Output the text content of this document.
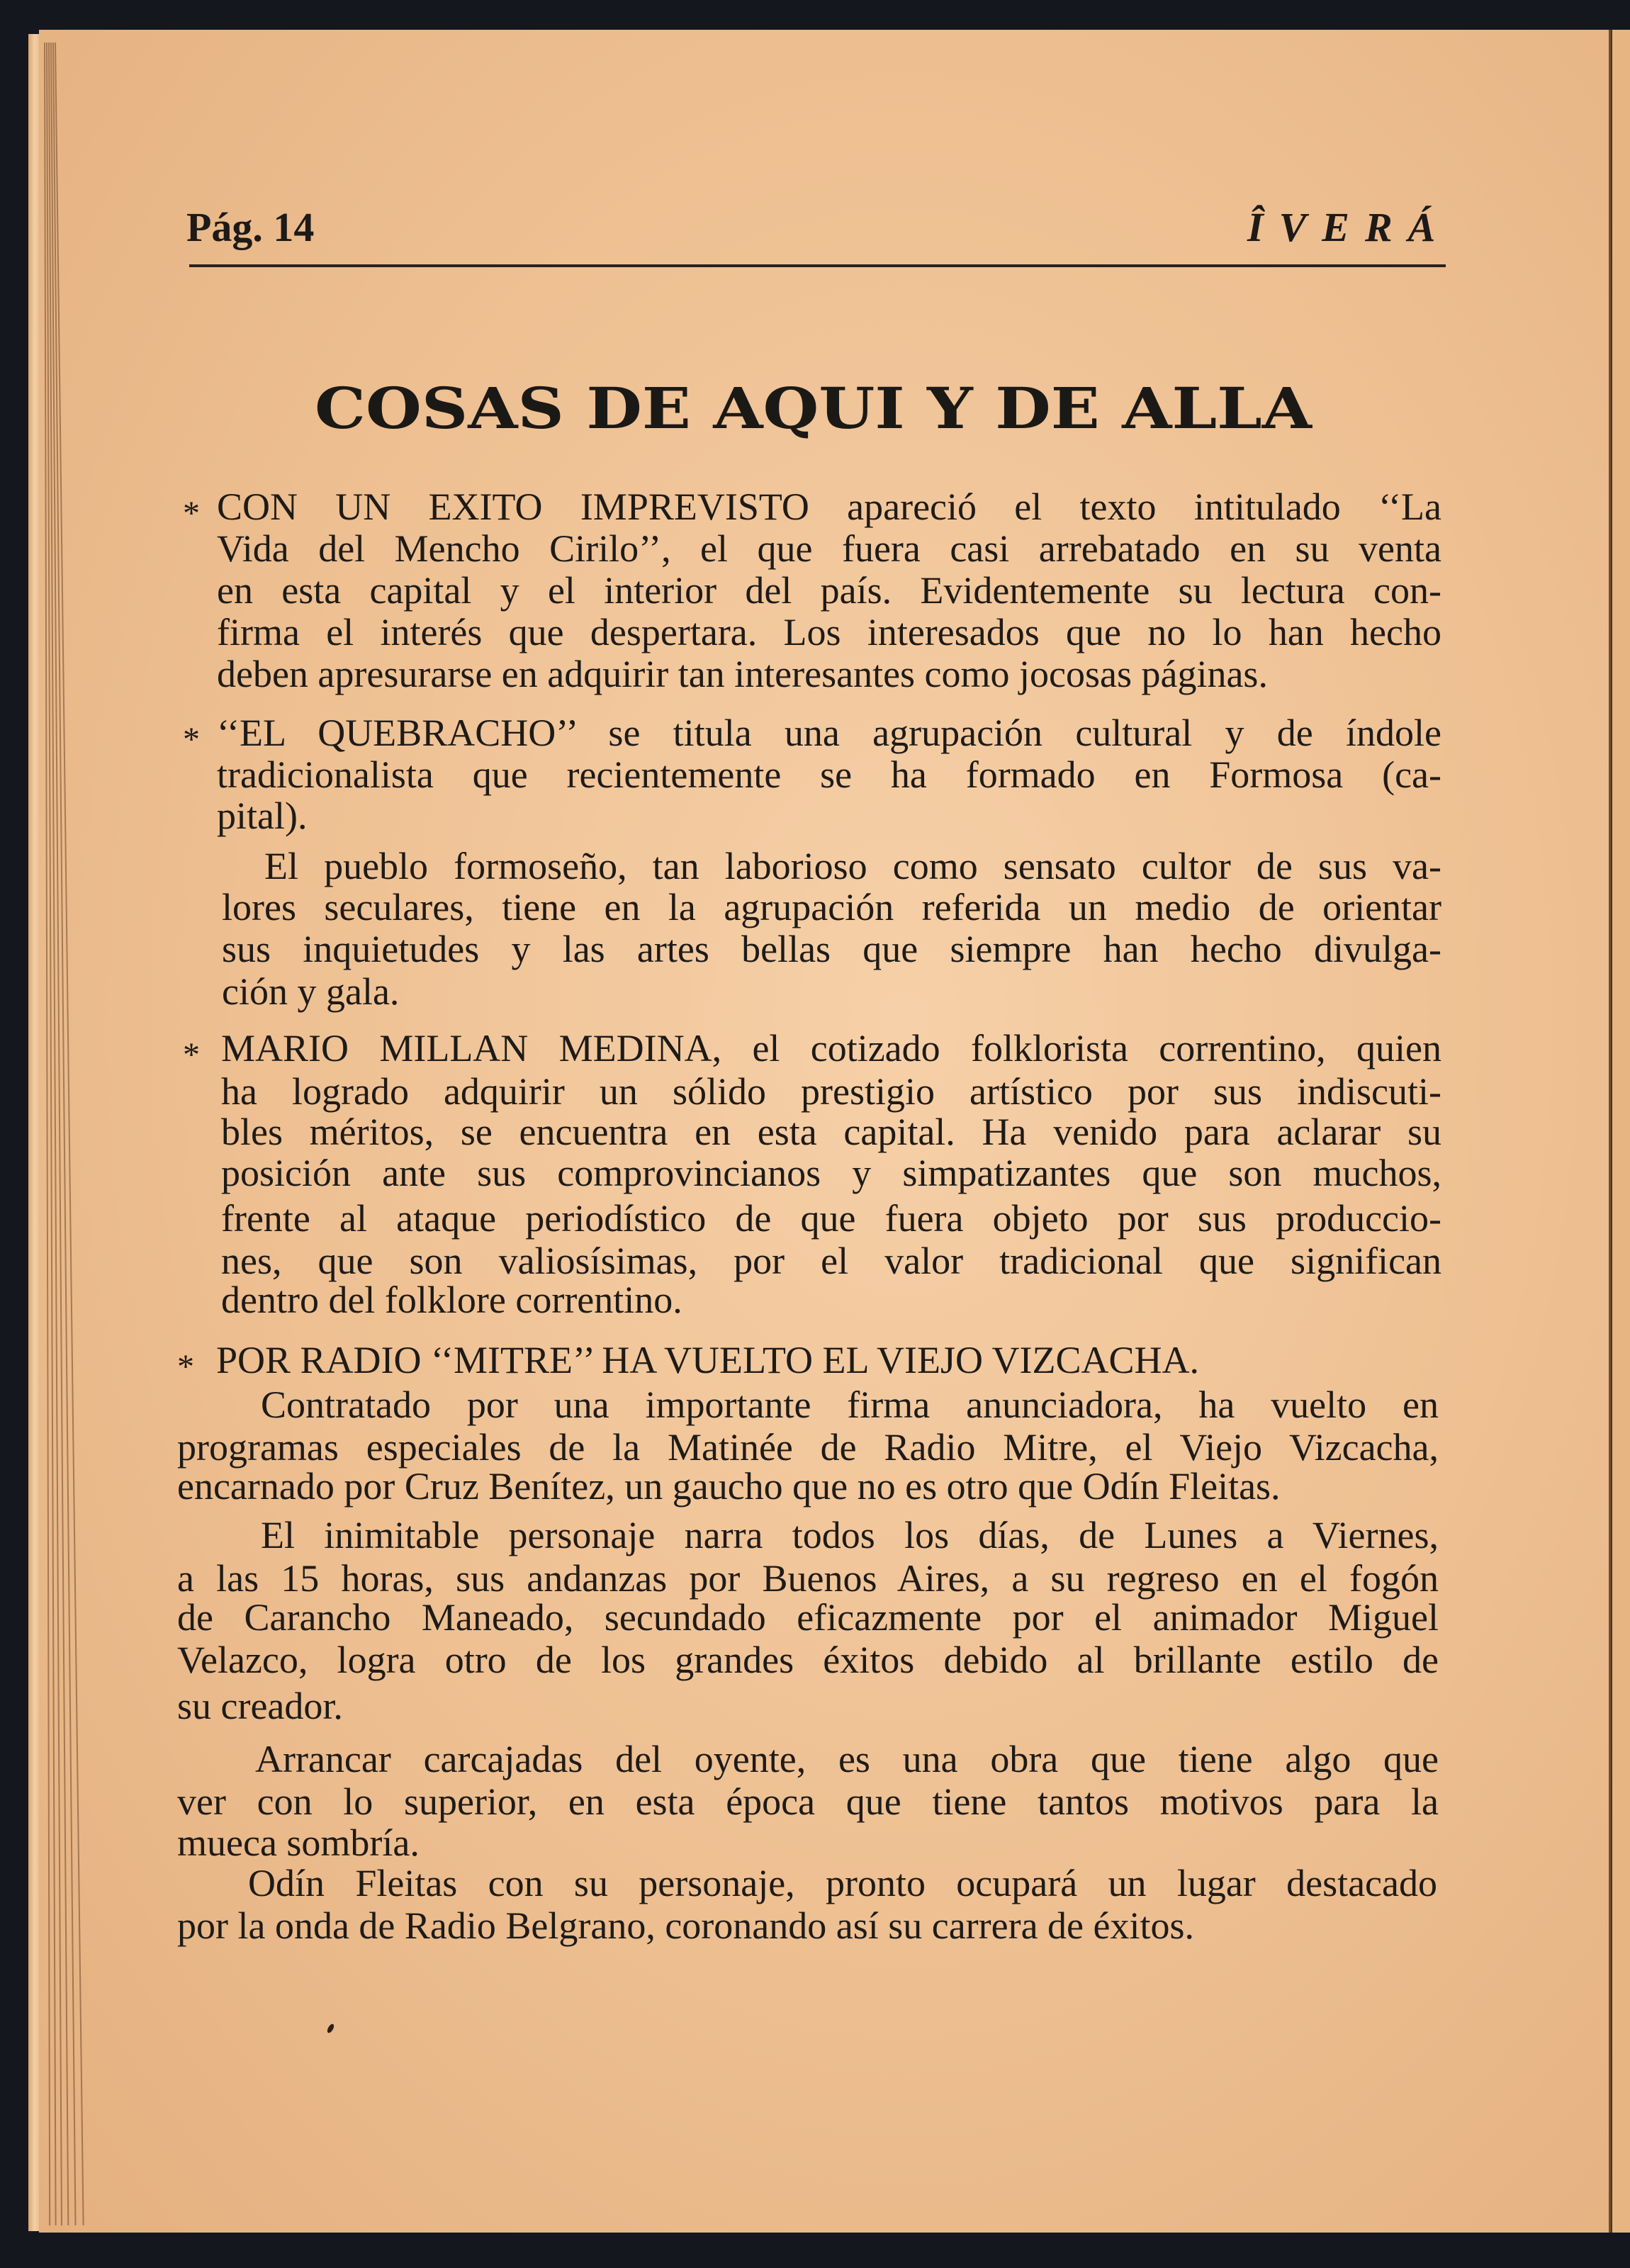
Pág. 14	ÎVERÁ
COSAS DE AQUI Y DE ALLA
* CON UN EXITO IMPREVISTO apareció el texto intitulado ‘‘La
Vida del Mencho Cirilo’’, el que fuera casi arrebatado en su venta
en esta capital y el interior del país. Evidentemente su lectura con-
firma el interés que despertara. Los interesados que no lo han hecho
deben apresurarse en adquirir tan interesantes como jocosas páginas.
* ‘‘EL QUEBRACHO’’ se titula una agrupación cultural y de índole
tradicionalista que recientemente se ha formado en Formosa (ca-
pital).
El pueblo formoseño, tan laborioso como sensato cultor de sus va-
lores seculares, tiene en la agrupación referida un medio de orientar
sus inquietudes y las artes bellas que siempre han hecho divulga-
ción y gala.
* MARIO MILLAN MEDINA, el cotizado folklorista correntino, quien
ha logrado adquirir un sólido prestigio artístico por sus indiscuti-
bles méritos, se encuentra en esta capital. Ha venido para aclarar su
posición ante sus comprovincianos y simpatizantes que son muchos,
frente al ataque periodístico de que fuera objeto por sus produccio-
nes, que son valiosísimas, por el valor tradicional que significan
dentro del folklore correntino.
* POR RADIO ‘‘MITRE’’ HA VUELTO EL VIEJO VIZCACHA.
Contratado por una importante firma anunciadora, ha vuelto en
programas especiales de la Matinée de Radio Mitre, el Viejo Vizcacha,
encarnado por Cruz Benítez, un gaucho que no es otro que Odín Fleitas.
El inimitable personaje narra todos los días, de Lunes a Viernes,
a las 15 horas, sus andanzas por Buenos Aires, a su regreso en el fogón
de Carancho Maneado, secundado eficazmente por el animador Miguel
Velazco, logra otro de los grandes éxitos debido al brillante estilo de
su creador.
Arrancar carcajadas del oyente, es una obra que tiene algo que
ver con lo superior, en esta época que tiene tantos motivos para la
mueca sombría.
Odín Fleitas con su personaje, pronto ocupará un lugar destacado
por la onda de Radio Belgrano, coronando así su carrera de éxitos.
